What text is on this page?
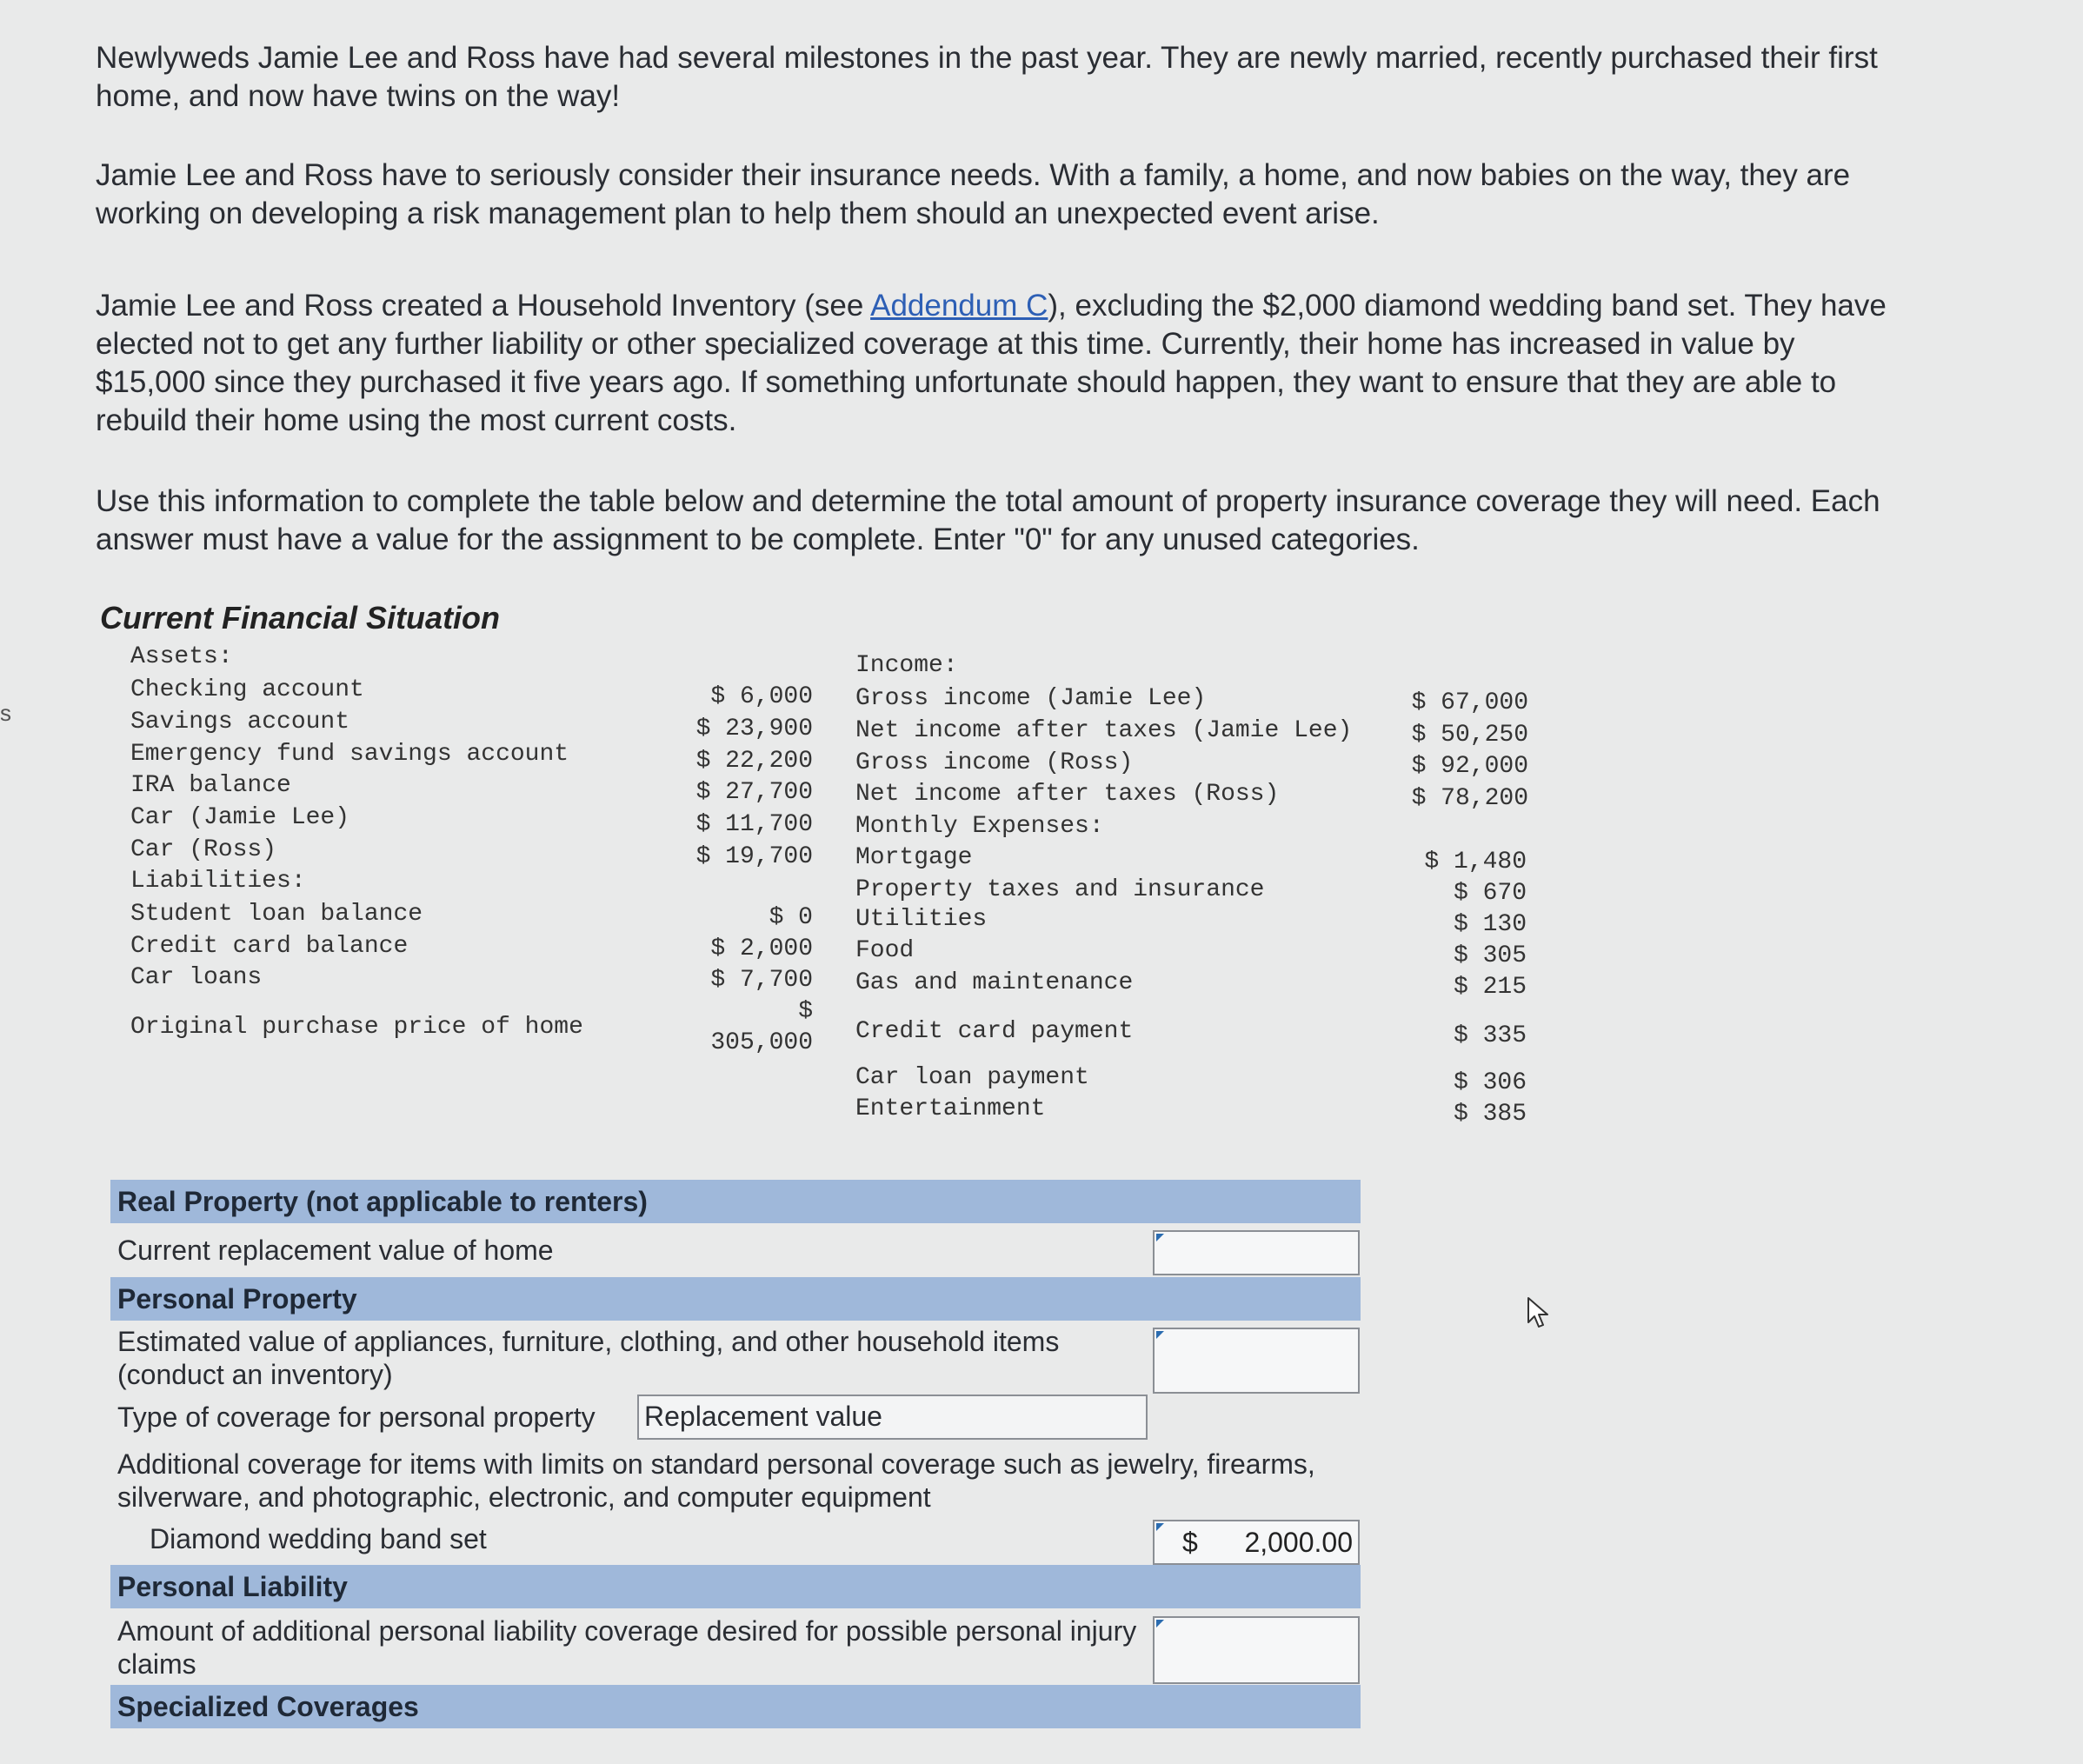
s
Newlyweds Jamie Lee and Ross have had several milestones in the past year. They are newly married, recently purchased their first
home, and now have twins on the way!
Jamie Lee and Ross have to seriously consider their insurance needs. With a family, a home, and now babies on the way, they are
working on developing a risk management plan to help them should an unexpected event arise.
Jamie Lee and Ross created a Household Inventory (see Addendum C), excluding the $2,000 diamond wedding band set. They have
elected not to get any further liability or other specialized coverage at this time. Currently, their home has increased in value by
$15,000 since they purchased it five years ago. If something unfortunate should happen, they want to ensure that they are able to
rebuild their home using the most current costs.
Use this information to complete the table below and determine the total amount of property insurance coverage they will need. Each
answer must have a value for the assignment to be complete. Enter "0" for any unused categories.
Current Financial Situation
Assets:
Checking account
Savings account
Emergency fund savings account
IRA balance
Car (Jamie Lee)
Car (Ross)
Liabilities:
Student loan balance
Credit card balance
Car loans
Original purchase price of home
$ 6,000
$ 23,900
$ 22,200
$ 27,700
$ 11,700
$ 19,700
$ 0
$ 2,000
$ 7,700
$
305,000
Income:
Gross income (Jamie Lee)
Net income after taxes (Jamie Lee)
Gross income (Ross)
Net income after taxes (Ross)
Monthly Expenses:
Mortgage
Property taxes and insurance
Utilities
Food
Gas and maintenance
Credit card payment
Car loan payment
Entertainment
$ 67,000
$ 50,250
$ 92,000
$ 78,200
$ 1,480
$ 670
$ 130
$ 305
$ 215
$ 335
$ 306
$ 385
Real Property (not applicable to renters)
Current replacement value of home
Personal Property
Estimated value of appliances, furniture, clothing, and other household items
(conduct an inventory)
Type of coverage for personal property Replacement value
Additional coverage for items with limits on standard personal coverage such as jewelry, firearms,
silverware, and photographic, electronic, and computer equipment
Diamond wedding band set	$ 2,000.00
Personal Liability
Amount of additional personal liability coverage desired for possible personal injury
claims
Specialized Coverages
